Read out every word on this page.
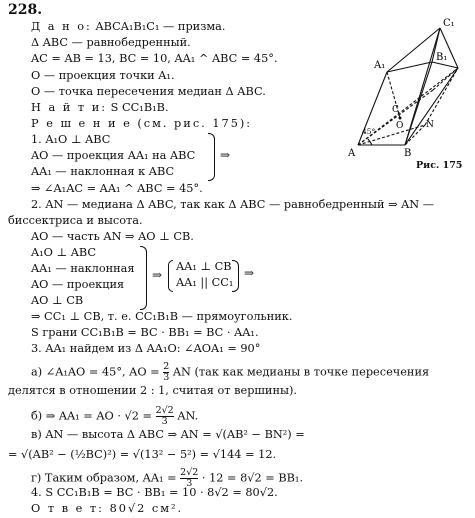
228.
Д а н о: ABCA₁B₁C₁ — призма.
Δ ABC — равнобедренный.
AC = AB = 13, BC = 10, AA₁ ^ ABC = 45°.
O — проекция точки A₁.
O — точка пересечения медиан Δ ABC.
Н а й т и: S CC₁B₁B.
Р е ш е н и е (см. рис. 175):
1. A₁O ⊥ ABC
AO — проекция AA₁ на ABC
AA₁ — наклонная к ABC
⇒
⇒ ∠A₁AC = AA₁ ^ ABC = 45°.
A	B
C
O	N
A₁
B₁
C₁
45°
Рис. 175
2. AN — медиана Δ ABC, так как Δ ABC — равнобедренный ⇒ AN —
биссектриса и высота.
AO — часть AN ⇒ AO ⊥ CB.
A₁O ⊥ ABC
AA₁ — наклонная
AO — проекция
AO ⊥ CB
⇒
AA₁ ⊥ CB
AA₁ || CC₁
⇒
⇒ CC₁ ⊥ CB, т. е. CC₁B₁B — прямоугольник.
S грани CC₁B₁B = BC · BB₁ = BC · AA₁.
3. AA₁ найдем из Δ AA₁O: ∠AOA₁ = 90°
а) ∠A₁AO = 45°, AO = $\frac{2}{3}$ AN (так как медианы в точке пересечения
делятся в отношении 2 : 1, считая от вершины).
б) ⇒ AA₁ = AO · $√2 = \frac{2√2}{3}$ AN.
в) AN — высота Δ ABC ⇒ AN = √(AB² − BN²) =
= √(AB² − (½BC)²) = √(13² − 5²) = √144 = 12.
г) Таким образом, $AA_1 = \frac{2√2}{3} \cdot 12 = 8√2 = BB_1$.
4. S CC₁B₁B = BC · BB₁ = 10 · 8√2 = 80√2.
О т в е т: 80√2 см².
